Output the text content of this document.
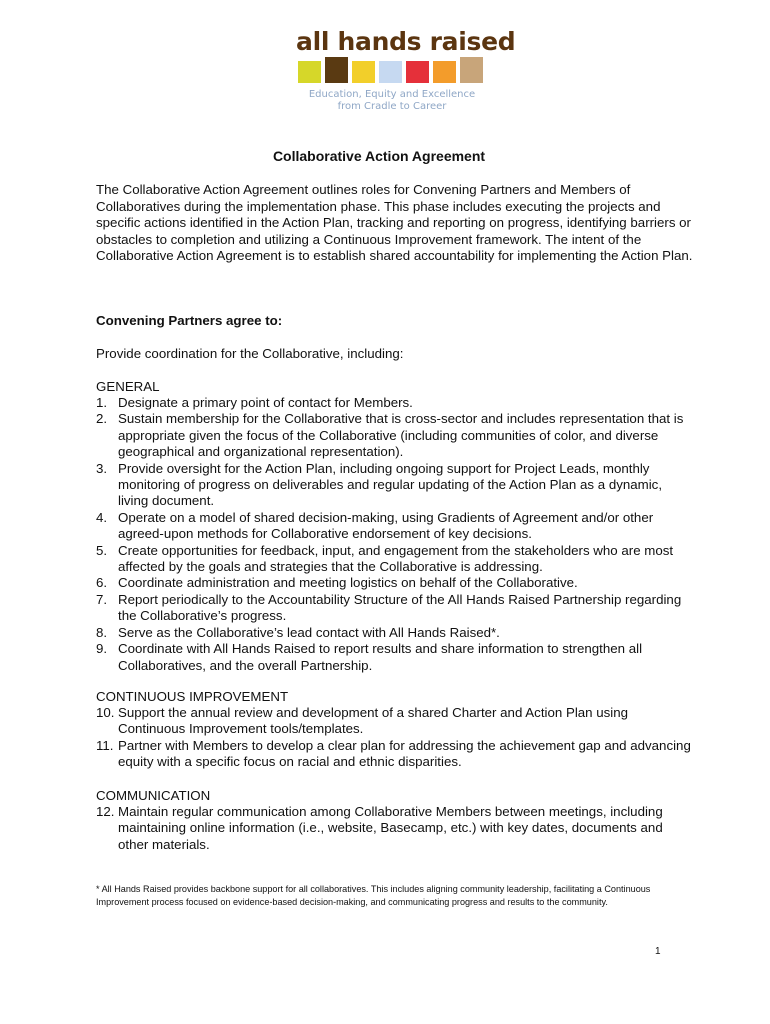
all hands raised
Education, Equity and Excellence
from Cradle to Career
Collaborative Action Agreement
The Collaborative Action Agreement outlines roles for Convening Partners and Members of Collaboratives during the implementation phase. This phase includes executing the projects and specific actions identified in the Action Plan, tracking and reporting on progress, identifying barriers or obstacles to completion and utilizing a Continuous Improvement framework. The intent of the Collaborative Action Agreement is to establish shared accountability for implementing the Action Plan.
Convening Partners agree to:
Provide coordination for the Collaborative, including:
GENERAL
1. Designate a primary point of contact for Members.
2. Sustain membership for the Collaborative that is cross-sector and includes representation that is appropriate given the focus of the Collaborative (including communities of color, and diverse geographical and organizational representation).
3. Provide oversight for the Action Plan, including ongoing support for Project Leads, monthly monitoring of progress on deliverables and regular updating of the Action Plan as a dynamic, living document.
4. Operate on a model of shared decision-making, using Gradients of Agreement and/or other agreed-upon methods for Collaborative endorsement of key decisions.
5. Create opportunities for feedback, input, and engagement from the stakeholders who are most affected by the goals and strategies that the Collaborative is addressing.
6. Coordinate administration and meeting logistics on behalf of the Collaborative.
7. Report periodically to the Accountability Structure of the All Hands Raised Partnership regarding the Collaborative’s progress.
8. Serve as the Collaborative’s lead contact with All Hands Raised*.
9. Coordinate with All Hands Raised to report results and share information to strengthen all Collaboratives, and the overall Partnership.
CONTINUOUS IMPROVEMENT
10. Support the annual review and development of a shared Charter and Action Plan using Continuous Improvement tools/templates.
11. Partner with Members to develop a clear plan for addressing the achievement gap and advancing equity with a specific focus on racial and ethnic disparities.
COMMUNICATION
12. Maintain regular communication among Collaborative Members between meetings, including maintaining online information (i.e., website, Basecamp, etc.) with key dates, documents and other materials.
* All Hands Raised provides backbone support for all collaboratives. This includes aligning community leadership, facilitating a Continuous Improvement process focused on evidence-based decision-making, and communicating progress and results to the community.
1
